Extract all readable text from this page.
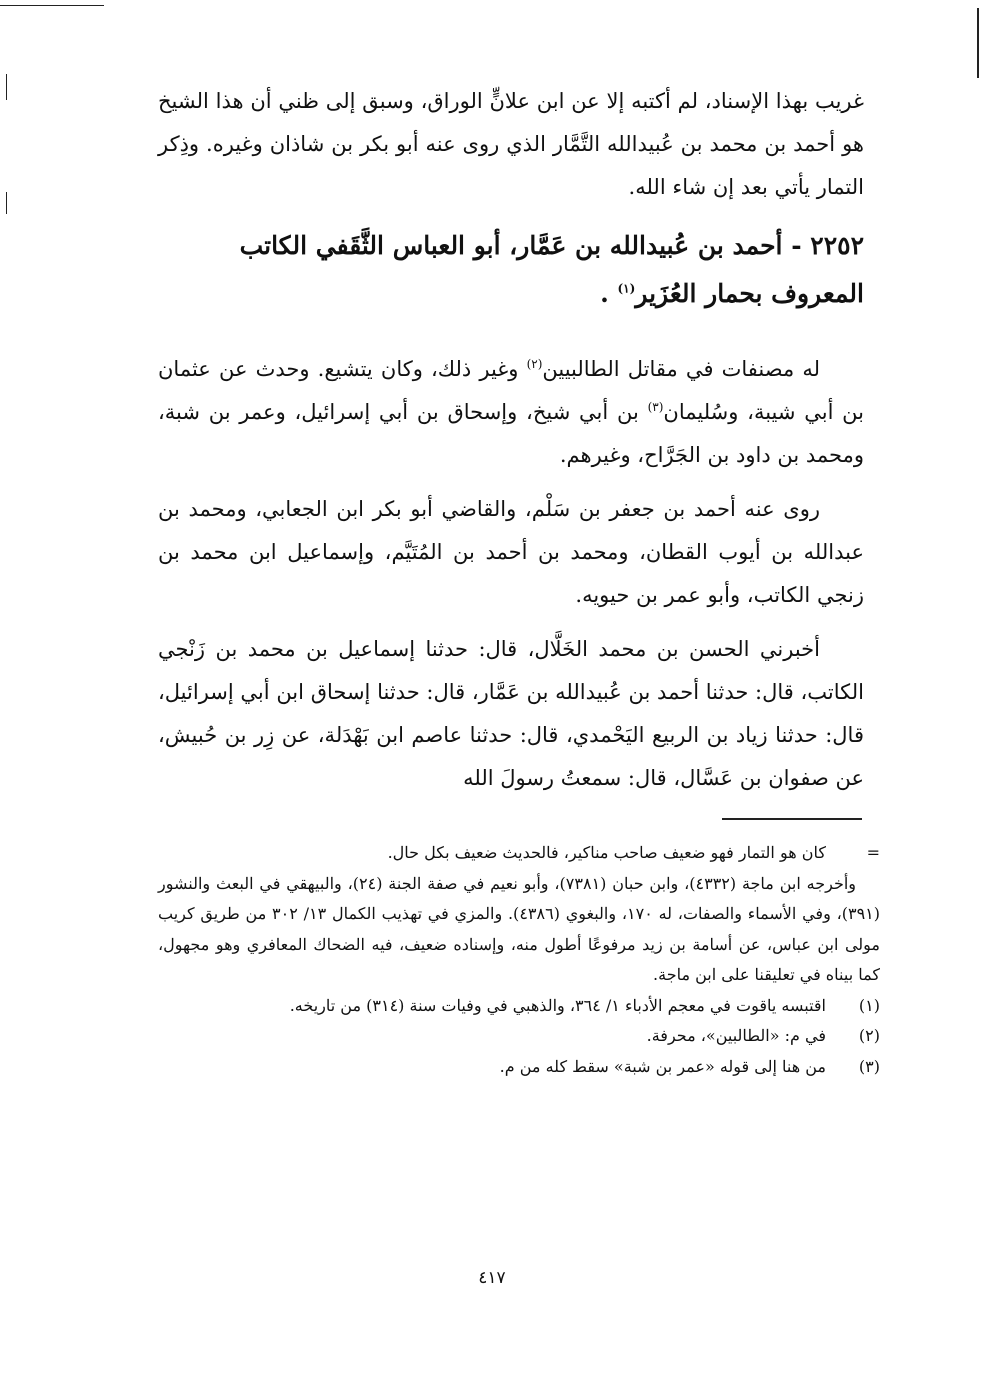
غريب بهذا الإسناد، لم أكتبه إلا عن ابن علانٍّ الوراق، وسبق إلى ظني أن هذا الشيخ هو أحمد بن محمد بن عُبيدالله التَّمَّار الذي روى عنه أبو بكر بن شاذان وغيره. وذِكر التمار يأتي بعد إن شاء الله.

٢٢٥٢ - أحمد بن عُبيدالله بن عَمَّار، أبو العباس الثَّقَفي الكاتب المعروف بحمار العُزَير$^{(١)}$ .

له مصنفات في مقاتل الطالبيين$^{(٢)}$ وغير ذلك، وكان يتشيع. وحدث عن عثمان بن أبي شيبة، وسُليمان$^{(٣)}$ بن أبي شيخ، وإسحاق بن أبي إسرائيل، وعمر بن شبة، ومحمد بن داود بن الجَرَّاح، وغيرهم.

روى عنه أحمد بن جعفر بن سَلْم، والقاضي أبو بكر ابن الجعابي، ومحمد بن عبدالله بن أيوب القطان، ومحمد بن أحمد بن المُتَيَّم، وإسماعيل ابن محمد بن زنجي الكاتب، وأبو عمر بن حيويه.

أخبرني الحسن بن محمد الخَلَّال، قال: حدثنا إسماعيل بن محمد بن زَنْجي الكاتب، قال: حدثنا أحمد بن عُبيدالله بن عَمَّار، قال: حدثنا إسحاق ابن أبي إسرائيل، قال: حدثنا زياد بن الربيع اليَحْمدي، قال: حدثنا عاصم ابن بَهْدَلة، عن زِر بن حُبيش، عن صفوان بن عَسَّال، قال: سمعتُ رسولَ الله

=
كان هو التمار فهو ضعيف صاحب مناكير، فالحديث ضعيف بكل حال.

وأخرجه ابن ماجة (٤٣٣٢)، وابن حبان (٧٣٨١)، وأبو نعيم في صفة الجنة (٢٤)، والبيهقي في البعث والنشور (٣٩١)، وفي الأسماء والصفات، له ١٧٠، والبغوي (٤٣٨٦). والمزي في تهذيب الكمال ١٣/ ٣٠٢ من طريق كريب مولى ابن عباس، عن أسامة بن زيد مرفوعًا أطول منه، وإسناده ضعيف، فيه الضحاك المعافري وهو مجهول، كما بيناه في تعليقنا على ابن ماجة.

(١)
اقتبسه ياقوت في معجم الأدباء ١/ ٣٦٤، والذهبي في وفيات سنة (٣١٤) من تاريخه.
(٢)
في م: «الطالبين»، محرفة.
(٣)
من هنا إلى قوله «عمر بن شبة» سقط كله من م.
٤١٧
